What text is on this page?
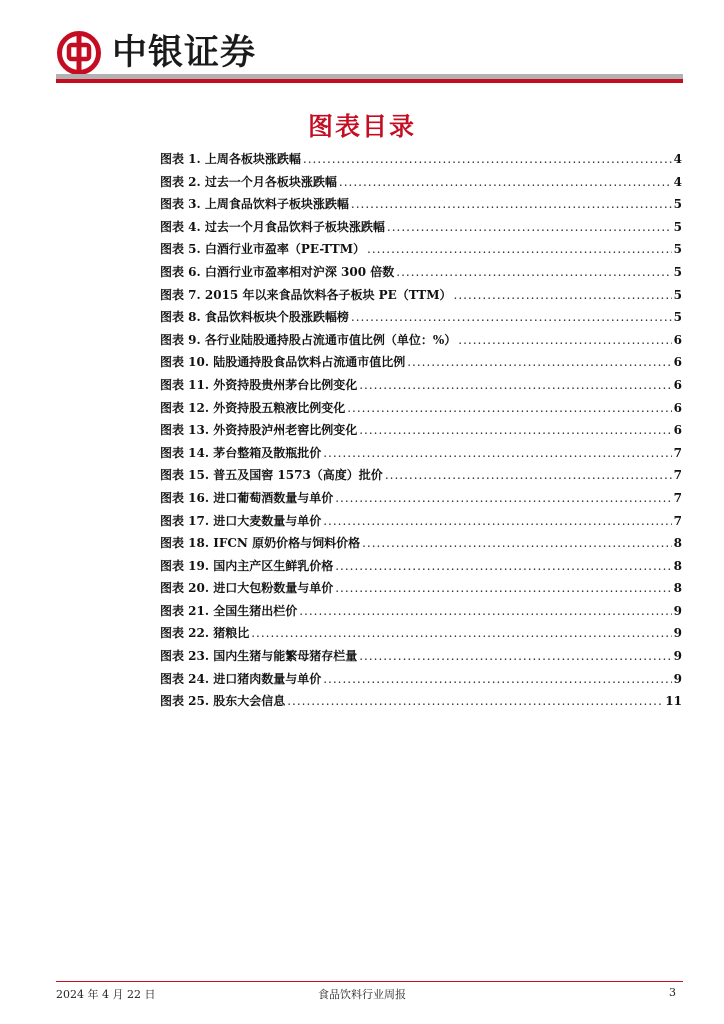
中银证券
图表目录
图表 1. 上周各板块涨跌幅 .....	4
图表 2. 过去一个月各板块涨跌幅 .....	4
图表 3. 上周食品饮料子板块涨跌幅 .....	5
图表 4. 过去一个月食品饮料子板块涨跌幅 .....	5
图表 5. 白酒行业市盈率（PE-TTM） .....	5
图表 6. 白酒行业市盈率相对沪深 300 倍数 .....	5
图表 7. 2015 年以来食品饮料各子板块 PE（TTM） .....	5
图表 8. 食品饮料板块个股涨跌幅榜 .....	5
图表 9. 各行业陆股通持股占流通市值比例（单位：%） .....	6
图表 10. 陆股通持股食品饮料占流通市值比例 .....	6
图表 11. 外资持股贵州茅台比例变化 .....	6
图表 12. 外资持股五粮液比例变化 .....	6
图表 13. 外资持股泸州老窖比例变化 .....	6
图表 14. 茅台整箱及散瓶批价 .....	7
图表 15. 普五及国窖 1573（高度）批价 .....	7
图表 16. 进口葡萄酒数量与单价 .....	7
图表 17. 进口大麦数量与单价 .....	7
图表 18. IFCN 原奶价格与饲料价格 .....	8
图表 19. 国内主产区生鲜乳价格 .....	8
图表 20. 进口大包粉数量与单价 .....	8
图表 21. 全国生猪出栏价 .....	9
图表 22. 猪粮比 .....	9
图表 23. 国内生猪与能繁母猪存栏量 .....	9
图表 24. 进口猪肉数量与单价 .....	9
图表 25. 股东大会信息 .....	11
2024 年 4 月 22 日	食品饮料行业周报	3
